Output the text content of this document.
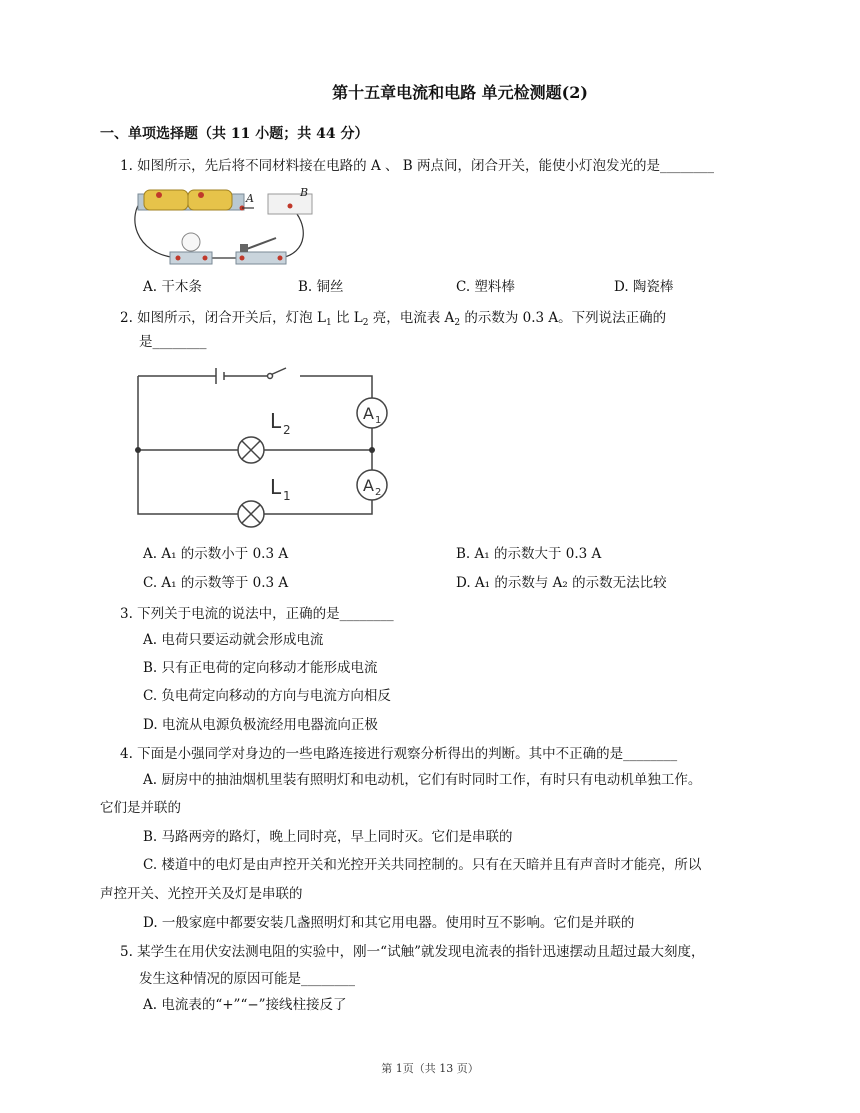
第十五章电流和电路 单元检测题(2)
一、单项选择题（共 11 小题；共 44 分）
1. 如图所示，先后将不同材料接在电路的 A 、 B 两点间，闭合开关，能使小灯泡发光的是________
A	B
A. 干木条	B. 铜丝	C. 塑料棒	D. 陶瓷棒
2. 如图所示，闭合开关后，灯泡 $L_1$ 比 $L_2$ 亮，电流表 $A_2$ 的示数为 0.3 A。下列说法正确的
是________
L 2
L 1
A 1
A 2
A. A₁ 的示数小于 0.3 A	B. A₁ 的示数大于 0.3 A
C. A₁ 的示数等于 0.3 A	D. A₁ 的示数与 A₂ 的示数无法比较
3. 下列关于电流的说法中，正确的是________
A. 电荷只要运动就会形成电流
B. 只有正电荷的定向移动才能形成电流
C. 负电荷定向移动的方向与电流方向相反
D. 电流从电源负极流经用电器流向正极
4. 下面是小强同学对身边的一些电路连接进行观察分析得出的判断。其中不正确的是________
A. 厨房中的抽油烟机里装有照明灯和电动机，它们有时同时工作，有时只有电动机单独工作。
它们是并联的
B. 马路两旁的路灯，晚上同时亮，早上同时灭。它们是串联的
C. 楼道中的电灯是由声控开关和光控开关共同控制的。只有在天暗并且有声音时才能亮，所以
声控开关、光控开关及灯是串联的
D. 一般家庭中都要安装几盏照明灯和其它用电器。使用时互不影响。它们是并联的
5. 某学生在用伏安法测电阻的实验中，刚一“试触”就发现电流表的指针迅速摆动且超过最大刻度，
发生这种情况的原因可能是________
A. 电流表的“+”“−”接线柱接反了
第 1页（共 13 页）
